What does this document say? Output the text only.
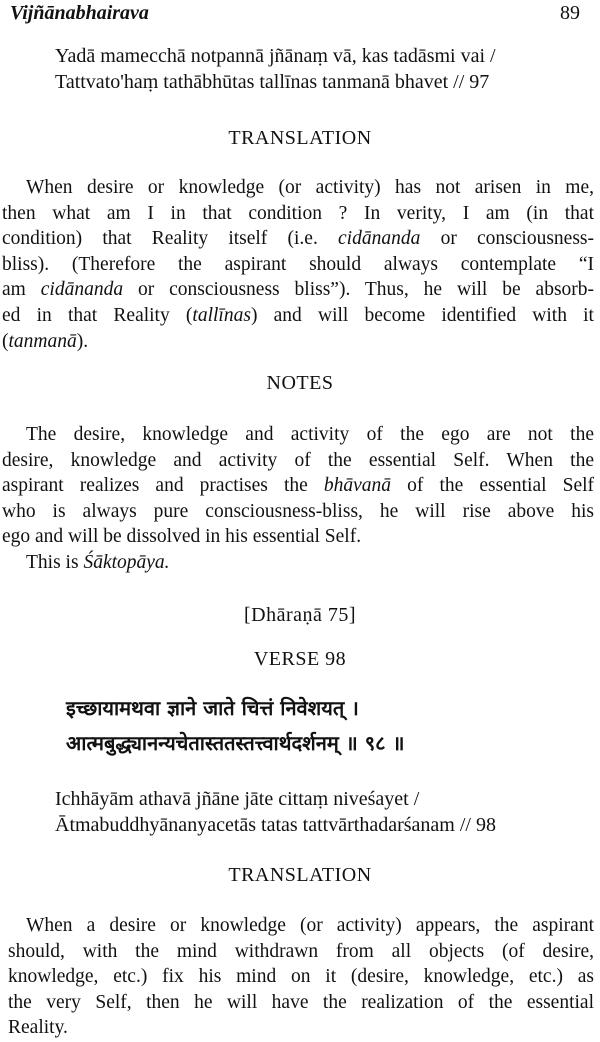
Vijñānabhairava	89
Yadā mamecchā notpannā jñānaṃ vā, kas tadāsmi vai /
Tattvato'haṃ tathābhūtas tallīnas tanmanā bhavet // 97
TRANSLATION
When desire or knowledge (or activity) has not arisen in me,
then what am I in that condition ? In verity, I am (in that
condition) that Reality itself (i.e. cidānanda or consciousness-
bliss). (Therefore the aspirant should always contemplate “I
am cidānanda or consciousness bliss”). Thus, he will be absorb-
ed in that Reality (tallīnas) and will become identified with it
(tanmanā).
NOTES
The desire, knowledge and activity of the ego are not the
desire, knowledge and activity of the essential Self. When the
aspirant realizes and practises the bhāvanā of the essential Self
who is always pure consciousness-bliss, he will rise above his
ego and will be dissolved in his essential Self.
This is Śāktopāya.
[Dhāraṇā 75]
VERSE 98
इच्छायामथवा ज्ञाने जाते चित्तं निवेशयत् ।
आत्मबुद्ध्यानन्यचेतास्ततस्तत्त्वार्थदर्शनम् ॥ ९८ ॥
Ichhāyām athavā jñāne jāte cittaṃ niveśayet /
Ātmabuddhyānanyacetās tatas tattvārthadarśanam // 98
TRANSLATION
When a desire or knowledge (or activity) appears, the aspirant
should, with the mind withdrawn from all objects (of desire,
knowledge, etc.) fix his mind on it (desire, knowledge, etc.) as
the very Self, then he will have the realization of the essential
Reality.
